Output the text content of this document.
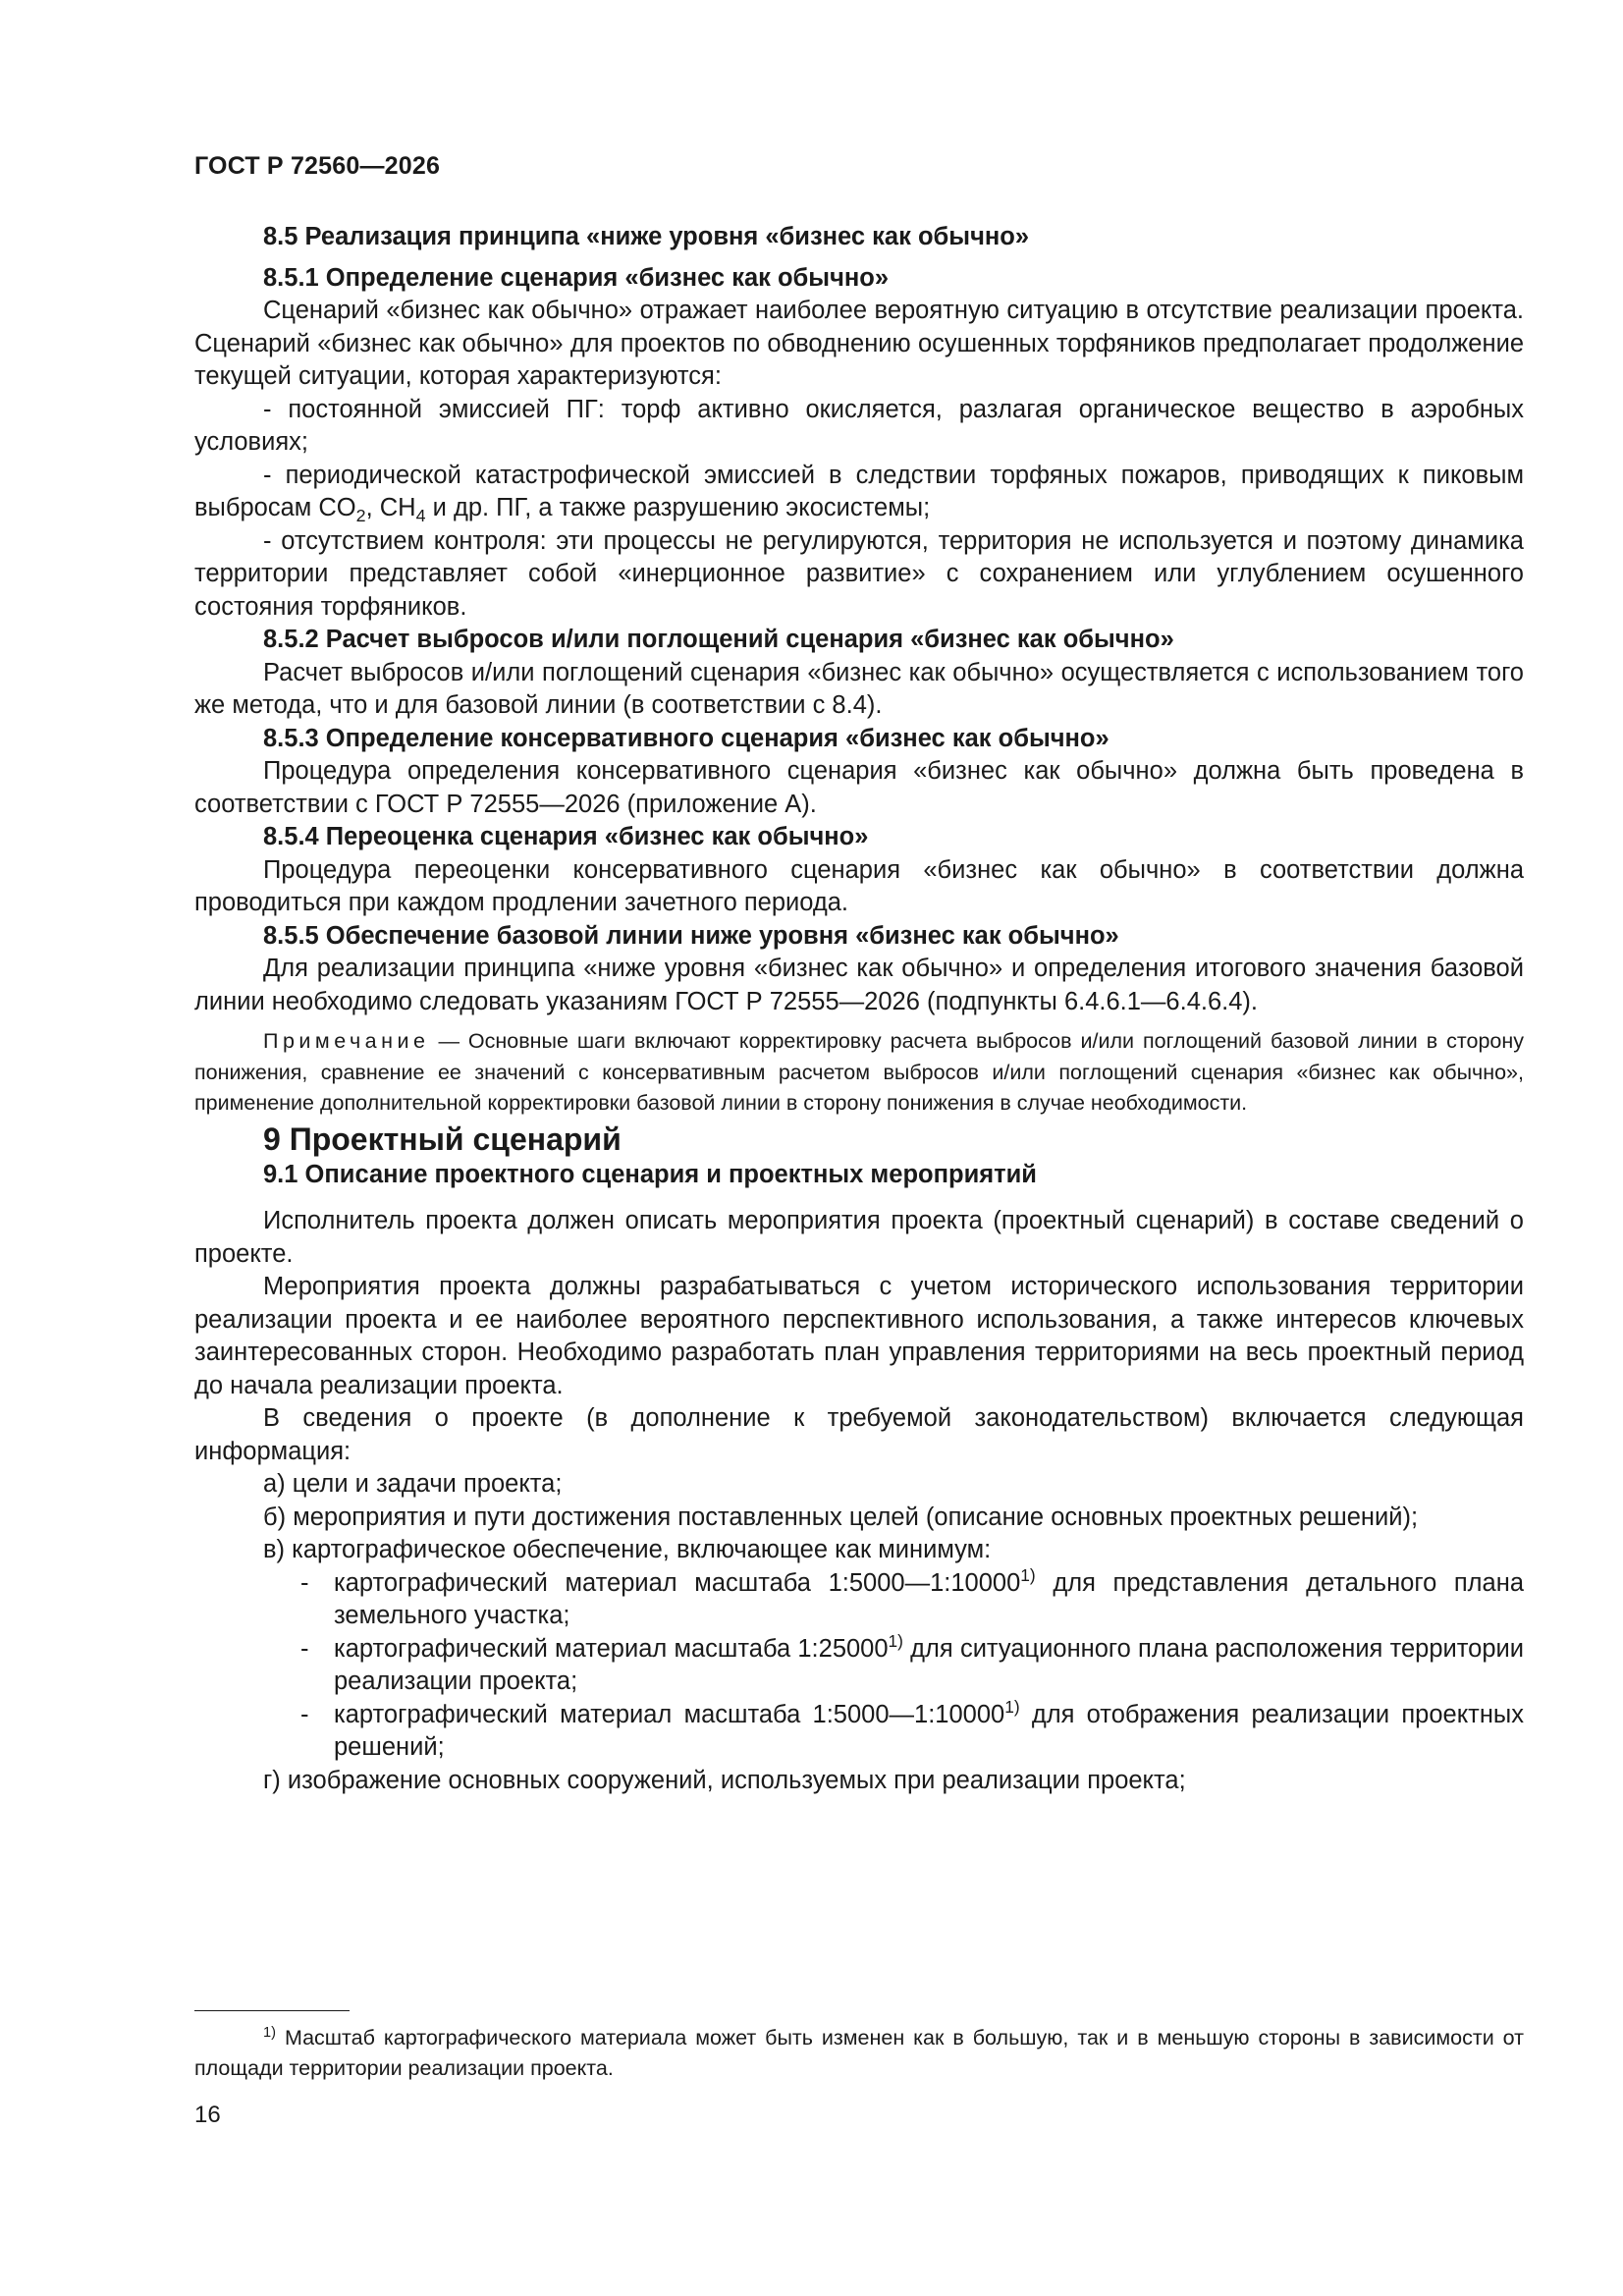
ГОСТ Р 72560—2026

8.5 Реализация принципа «ниже уровня «бизнес как обычно»

8.5.1 Определение сценария «бизнес как обычно»

Сценарий «бизнес как обычно» отражает наиболее вероятную ситуацию в отсутствие реализации проекта. Сценарий «бизнес как обычно» для проектов по обводнению осушенных торфяников предполагает продолжение текущей ситуации, которая характеризуются:

- постоянной эмиссией ПГ: торф активно окисляется, разлагая органическое вещество в аэробных условиях;

- периодической катастрофической эмиссией в следствии торфяных пожаров, приводящих к пиковым выбросам $CO_2$, $CH_4$ и др. ПГ, а также разрушению экосистемы;

- отсутствием контроля: эти процессы не регулируются, территория не используется и поэтому динамика территории представляет собой «инерционное развитие» с сохранением или углублением осушенного состояния торфяников.

8.5.2 Расчет выбросов и/или поглощений сценария «бизнес как обычно»

Расчет выбросов и/или поглощений сценария «бизнес как обычно» осуществляется с использованием того же метода, что и для базовой линии (в соответствии с 8.4).

8.5.3 Определение консервативного сценария «бизнес как обычно»

Процедура определения консервативного сценария «бизнес как обычно» должна быть проведена в соответствии с ГОСТ Р 72555—2026 (приложение А).

8.5.4 Переоценка сценария «бизнес как обычно»

Процедура переоценки консервативного сценария «бизнес как обычно» в соответствии должна проводиться при каждом продлении зачетного периода.

8.5.5 Обеспечение базовой линии ниже уровня «бизнес как обычно»

Для реализации принципа «ниже уровня «бизнес как обычно» и определения итогового значения базовой линии необходимо следовать указаниям ГОСТ Р 72555—2026 (подпункты 6.4.6.1—6.4.6.4).

Примечание — Основные шаги включают корректировку расчета выбросов и/или поглощений базовой линии в сторону понижения, сравнение ее значений с консервативным расчетом выбросов и/или поглощений сценария «бизнес как обычно», применение дополнительной корректировки базовой линии в сторону понижения в случае необходимости.

9 Проектный сценарий

9.1 Описание проектного сценария и проектных мероприятий

Исполнитель проекта должен описать мероприятия проекта (проектный сценарий) в составе сведений о проекте.

Мероприятия проекта должны разрабатываться с учетом исторического использования территории реализации проекта и ее наиболее вероятного перспективного использования, а также интересов ключевых заинтересованных сторон. Необходимо разработать план управления территориями на весь проектный период до начала реализации проекта.

В сведения о проекте (в дополнение к требуемой законодательством) включается следующая информация:

а) цели и задачи проекта;

б) мероприятия и пути достижения поставленных целей (описание основных проектных решений);

в) картографическое обеспечение, включающее как минимум:

- картографический материал масштаба 1:5000—1:10000$^{1)}$ для представления детального плана земельного участка;

- картографический материал масштаба 1:25000$^{1)}$ для ситуационного плана расположения территории реализации проекта;

- картографический материал масштаба 1:5000—1:10000$^{1)}$ для отображения реализации проектных решений;

г) изображение основных сооружений, используемых при реализации проекта;

$^{1)}$ Масштаб картографического материала может быть изменен как в большую, так и в меньшую стороны в зависимости от площади территории реализации проекта.

16
